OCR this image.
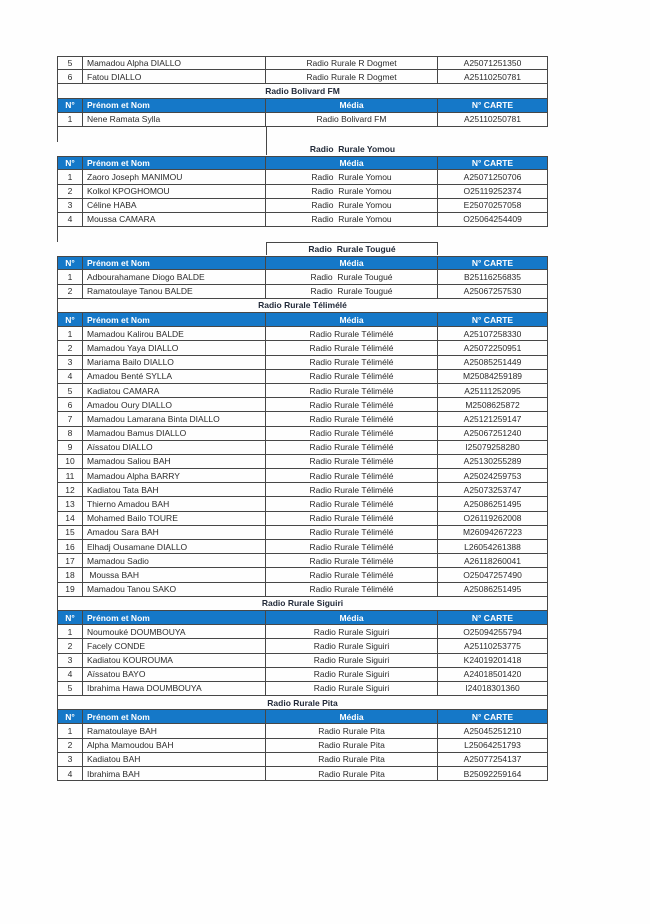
5	Mamadou Alpha DIALLO	Radio Rurale R Dogmet	A25071251350
6	Fatou DIALLO	Radio Rurale R Dogmet	A25110250781
Radio Bolivard FM
N°	Prénom et Nom	Média	N° CARTE
1	Nene Ramata Sylla	Radio Bolivard FM	A25110250781
Radio  Rurale Yomou
N°	Prénom et Nom	Média	N° CARTE
1	Zaoro Joseph MANIMOU	Radio  Rurale Yomou	A25071250706
2	Kolkol KPOGHOMOU	Radio  Rurale Yomou	O25119252374
3	Céline HABA	Radio  Rurale Yomou	E25070257058
4	Moussa CAMARA	Radio  Rurale Yomou	O25064254409
Radio  Rurale Tougué
N°	Prénom et Nom	Média	N° CARTE
1	Adbourahamane Diogo BALDE	Radio  Rurale Tougué	B25116256835
2	Ramatoulaye Tanou BALDE	Radio  Rurale Tougué	A25067257530
Radio Rurale Télimélé
N°	Prénom et Nom	Média	N° CARTE
1	Mamadou Kalirou BALDE	Radio Rurale Télimélé	A25107258330
2	Mamadou Yaya DIALLO	Radio Rurale Télimélé	A25072250951
3	Mariama Bailo DIALLO	Radio Rurale Télimélé	A25085251449
4	Amadou Benté SYLLA	Radio Rurale Télimélé	M25084259189
5	Kadiatou CAMARA	Radio Rurale Télimélé	A25111252095
6	Amadou Oury DIALLO	Radio Rurale Télimélé	M2508625872
7	Mamadou Lamarana Binta DIALLO	Radio Rurale Télimélé	A25121259147
8	Mamadou Bamus DIALLO	Radio Rurale Télimélé	A25067251240
9	Aïssatou DIALLO	Radio Rurale Télimélé	I25079258280
10	Mamadou Saliou BAH	Radio Rurale Télimélé	A25130255289
11	Mamadou Alpha BARRY	Radio Rurale Télimélé	A25024259753
12	Kadiatou Tata BAH	Radio Rurale Télimélé	A25073253747
13	Thierno Amadou BAH	Radio Rurale Télimélé	A25086251495
14	Mohamed Bailo TOURE	Radio Rurale Télimélé	O26119262008
15	Amadou Sara BAH	Radio Rurale Télimélé	M26094267223
16	Elhadj Ousamane DIALLO	Radio Rurale Télimélé	L26054261388
17	Mamadou Sadio	Radio Rurale Télimélé	A26118260041
18	Moussa BAH	Radio Rurale Télimélé	O25047257490
19	Mamadou Tanou SAKO	Radio Rurale Télimélé	A25086251495
Radio Rurale Siguiri
N°	Prénom et Nom	Média	N° CARTE
1	Noumouké DOUMBOUYA	Radio Rurale Siguiri	O25094255794
2	Facely CONDE	Radio Rurale Siguiri	A25110253775
3	Kadiatou KOUROUMA	Radio Rurale Siguiri	K24019201418
4	Aïssatou BAYO	Radio Rurale Siguiri	A24018501420
5	Ibrahima Hawa DOUMBOUYA	Radio Rurale Siguiri	I24018301360
Radio Rurale Pita
N°	Prénom et Nom	Média	N° CARTE
1	Ramatoulaye BAH	Radio Rurale Pita	A25045251210
2	Alpha Mamoudou BAH	Radio Rurale Pita	L25064251793
3	Kadiatou BAH	Radio Rurale Pita	A25077254137
4	Ibrahima BAH	Radio Rurale Pita	B25092259164
